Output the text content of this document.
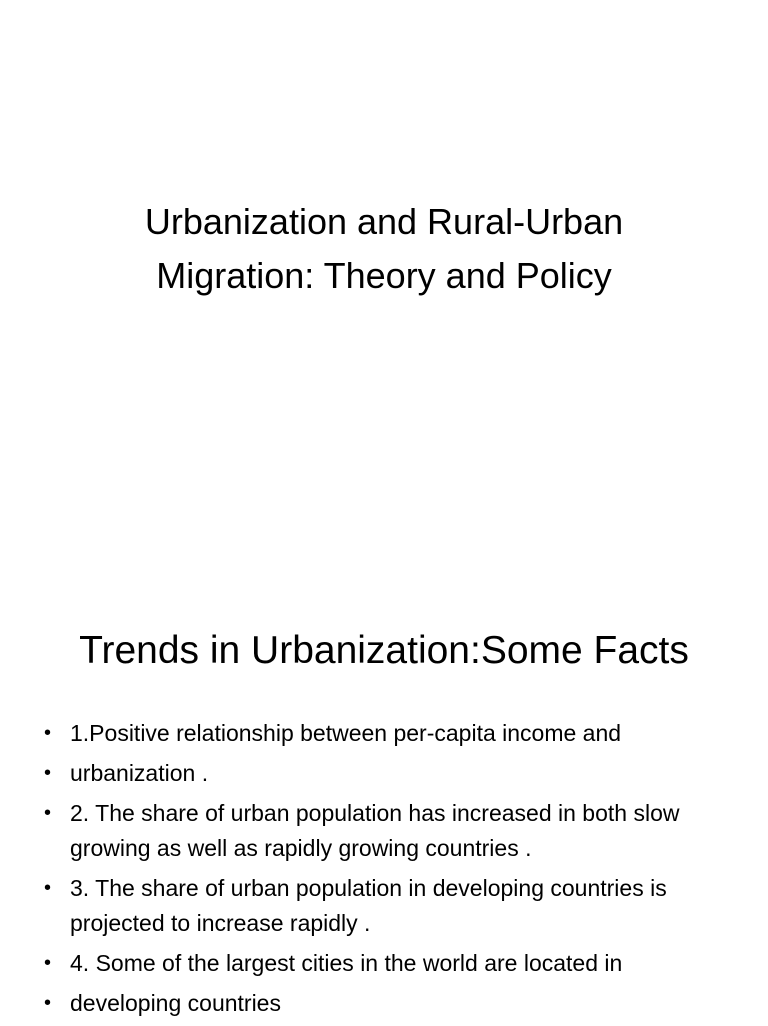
Urbanization and Rural-Urban
Migration: Theory and Policy
Trends in Urbanization:Some Facts
• 1.Positive relationship between per-capita income and
• urbanization .
• 2. The share of urban population has increased in both slow growing as well as rapidly growing countries .
• 3. The share of urban population in developing countries is projected to increase rapidly .
• 4. Some of the largest cities in the world are located in
• developing countries
